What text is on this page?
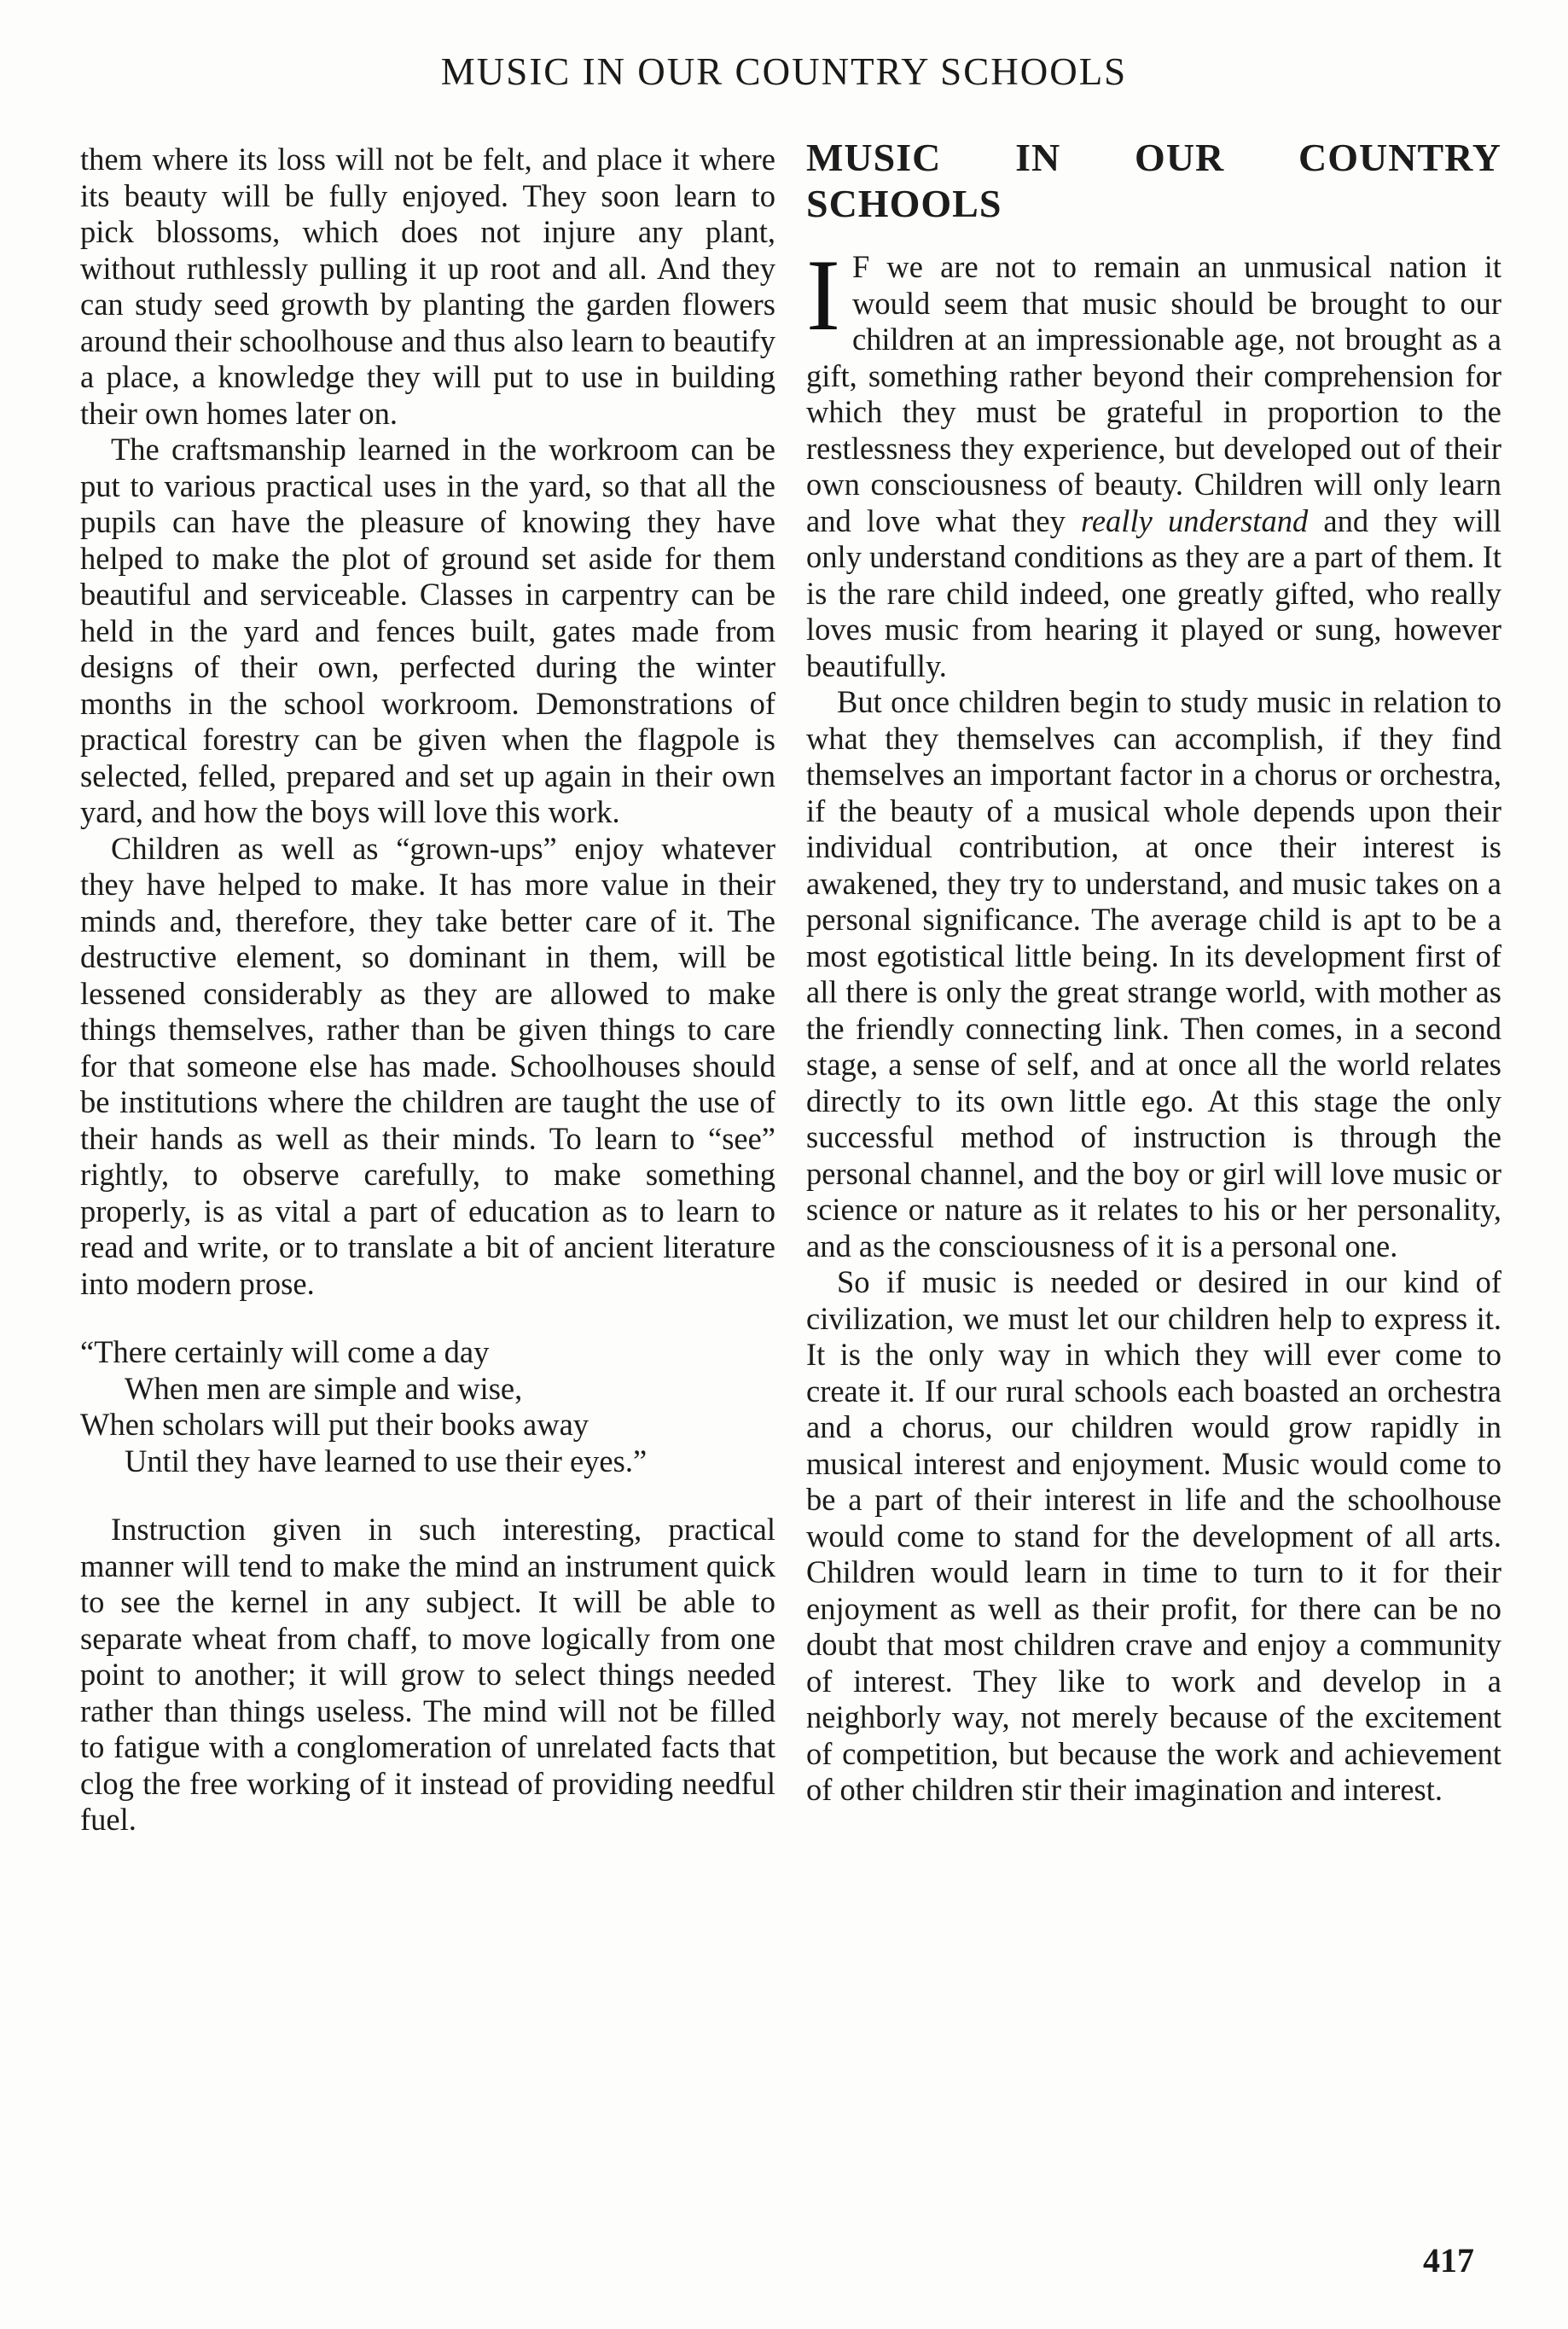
MUSIC IN OUR COUNTRY SCHOOLS

them where its loss will not be felt, and place it where its beauty will be fully enjoyed. They soon learn to pick blossoms, which does not injure any plant, without ruthlessly pulling it up root and all. And they can study seed growth by planting the garden flowers around their schoolhouse and thus also learn to beautify a place, a knowledge they will put to use in building their own homes later on.

The craftsmanship learned in the workroom can be put to various practical uses in the yard, so that all the pupils can have the pleasure of knowing they have helped to make the plot of ground set aside for them beautiful and serviceable. Classes in carpentry can be held in the yard and fences built, gates made from designs of their own, perfected during the winter months in the school workroom. Demonstrations of practical forestry can be given when the flagpole is selected, felled, prepared and set up again in their own yard, and how the boys will love this work.

Children as well as “grown-ups” enjoy whatever they have helped to make. It has more value in their minds and, therefore, they take better care of it. The destructive element, so dominant in them, will be lessened considerably as they are allowed to make things themselves, rather than be given things to care for that someone else has made. Schoolhouses should be institutions where the children are taught the use of their hands as well as their minds. To learn to “see” rightly, to observe carefully, to make something properly, is as vital a part of education as to learn to read and write, or to translate a bit of ancient literature into modern prose.

“There certainly will come a day
When men are simple and wise,
When scholars will put their books away
Until they have learned to use their eyes.”

Instruction given in such interesting, practical manner will tend to make the mind an instrument quick to see the kernel in any subject. It will be able to separate wheat from chaff, to move logically from one point to another; it will grow to select things needed rather than things useless. The mind will not be filled to fatigue with a conglomeration of unrelated facts that clog the free working of it instead of providing needful fuel.

MUSIC IN OUR COUNTRY
SCHOOLS

I F we are not to remain an unmusical nation it would seem that music should be brought to our children at an impressionable age, not brought as a gift, something rather beyond their comprehension for which they must be grateful in proportion to the restlessness they experience, but developed out of their own consciousness of beauty. Children will only learn and love what they really understand and they will only understand conditions as they are a part of them. It is the rare child indeed, one greatly gifted, who really loves music from hearing it played or sung, however beautifully.

But once children begin to study music in relation to what they themselves can accomplish, if they find themselves an important factor in a chorus or orchestra, if the beauty of a musical whole depends upon their individual contribution, at once their interest is awakened, they try to understand, and music takes on a personal significance. The average child is apt to be a most egotistical little being. In its development first of all there is only the great strange world, with mother as the friendly connecting link. Then comes, in a second stage, a sense of self, and at once all the world relates directly to its own little ego. At this stage the only successful method of instruction is through the personal channel, and the boy or girl will love music or science or nature as it relates to his or her personality, and as the consciousness of it is a personal one.

So if music is needed or desired in our kind of civilization, we must let our children help to express it. It is the only way in which they will ever come to create it. If our rural schools each boasted an orchestra and a chorus, our children would grow rapidly in musical interest and enjoyment. Music would come to be a part of their interest in life and the schoolhouse would come to stand for the development of all arts. Children would learn in time to turn to it for their enjoyment as well as their profit, for there can be no doubt that most children crave and enjoy a community of interest. They like to work and develop in a neighborly way, not merely because of the excitement of competition, but because the work and achievement of other children stir their imagination and interest.

417
